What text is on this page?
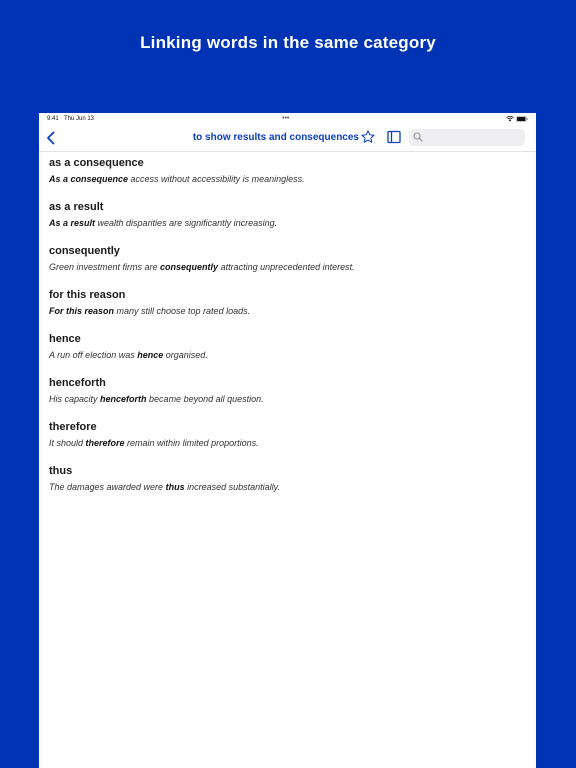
Linking words in the same category
9:41 Thu Jun 13	•••
to show results and consequences
as a consequence
As a consequence access without accessibility is meaningless.
as a result
As a result wealth disparities are significantly increasing.
consequently
Green investment firms are consequently attracting unprecedented interest.
for this reason
For this reason many still choose top rated loads.
hence
A run off election was hence organised.
henceforth
His capacity henceforth became beyond all question.
therefore
It should therefore remain within limited proportions.
thus
The damages awarded were thus increased substantially.
